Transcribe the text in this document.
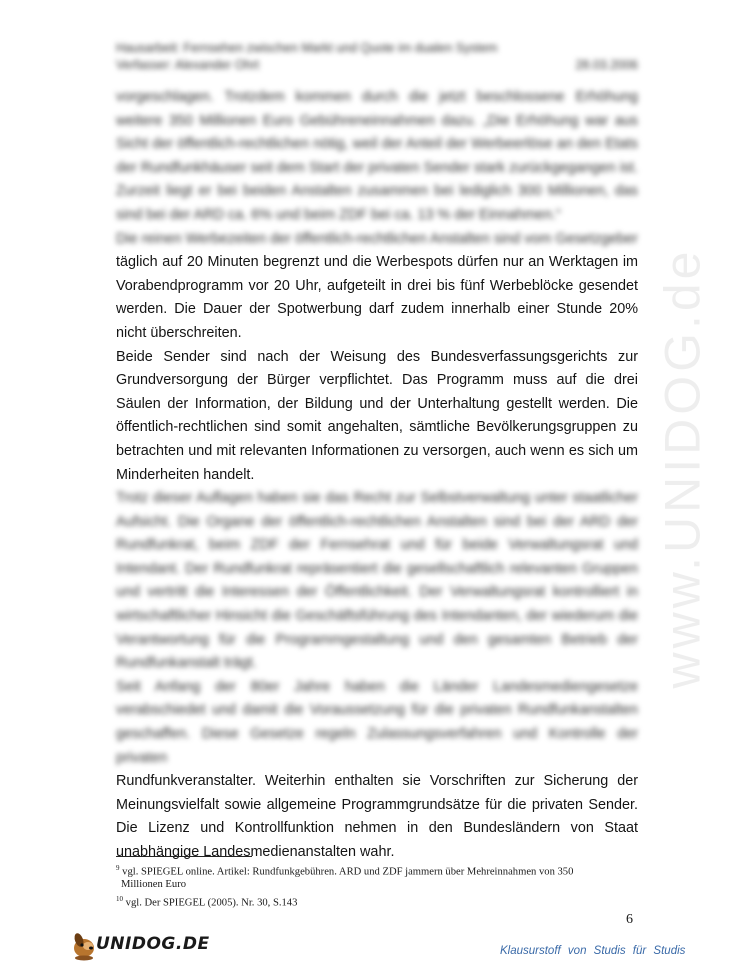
www.UNIDOG.de
Hausarbeit: Fernsehen zwischen Markt und Quote im dualen System
Verfasser: Alexander Ohrt	28.03.2006

vorgeschlagen. Trotzdem kommen durch die jetzt beschlossene Erhöhung weitere 350 Millionen Euro Gebühreneinnahmen dazu. „Die Erhöhung war aus Sicht der öffentlich-rechtlichen nötig, weil der Anteil der Werbeerlöse an den Etats der Rundfunkhäuser seit dem Start der privaten Sender stark zurückgegangen ist. Zurzeit liegt er bei beiden Anstalten zusammen bei lediglich 300 Millionen, das sind bei der ARD ca. 6% und beim ZDF bei ca. 13 % der Einnahmen.“

Die reinen Werbezeiten der öffentlich-rechtlichen Anstalten sind vom Gesetzgeber

täglich auf 20 Minuten begrenzt und die Werbespots dürfen nur an Werktagen im Vorabendprogramm vor 20 Uhr, aufgeteilt in drei bis fünf Werbeblöcke gesendet werden. Die Dauer der Spotwerbung darf zudem innerhalb einer Stunde 20% nicht überschreiten.

Beide Sender sind nach der Weisung des Bundesverfassungsgerichts zur Grundversorgung der Bürger verpflichtet. Das Programm muss auf die drei Säulen der Information, der Bildung und der Unterhaltung gestellt werden. Die öffentlich-rechtlichen sind somit angehalten, sämtliche Bevölkerungsgruppen zu betrachten und mit relevanten Informationen zu versorgen, auch wenn es sich um Minderheiten handelt.

Trotz dieser Auflagen haben sie das Recht zur Selbstverwaltung unter staatlicher Aufsicht. Die Organe der öffentlich-rechtlichen Anstalten sind bei der ARD der Rundfunkrat, beim ZDF der Fernsehrat und für beide Verwaltungsrat und Intendant. Der Rundfunkrat repräsentiert die gesellschaftlich relevanten Gruppen und vertritt die Interessen der Öffentlichkeit. Der Verwaltungsrat kontrolliert in wirtschaftlicher Hinsicht die Geschäftsführung des Intendanten, der wiederum die Verantwortung für die Programmgestaltung und den gesamten Betrieb der Rundfunkanstalt trägt.

Seit Anfang der 80er Jahre haben die Länder Landesmediengesetze verabschiedet und damit die Voraussetzung für die privaten Rundfunkanstalten geschaffen. Diese Gesetze regeln Zulassungsverfahren und Kontrolle der privaten

Rundfunkveranstalter. Weiterhin enthalten sie Vorschriften zur Sicherung der Meinungsvielfalt sowie allgemeine Programmgrundsätze für die privaten Sender. Die Lizenz und Kontrollfunktion nehmen in den Bundesländern von Staat unabhängige Landesmedienanstalten wahr.

$^9$ vgl. SPIEGEL online. Artikel: Rundfunkgebühren. ARD und ZDF jammern über Mehreinnahmen von 350
Millionen Euro

$^{10}$ vgl. Der SPIEGEL (2005). Nr. 30, S.143

6
UNIDOG.DE	Klausurstoff von Studis für Studis
